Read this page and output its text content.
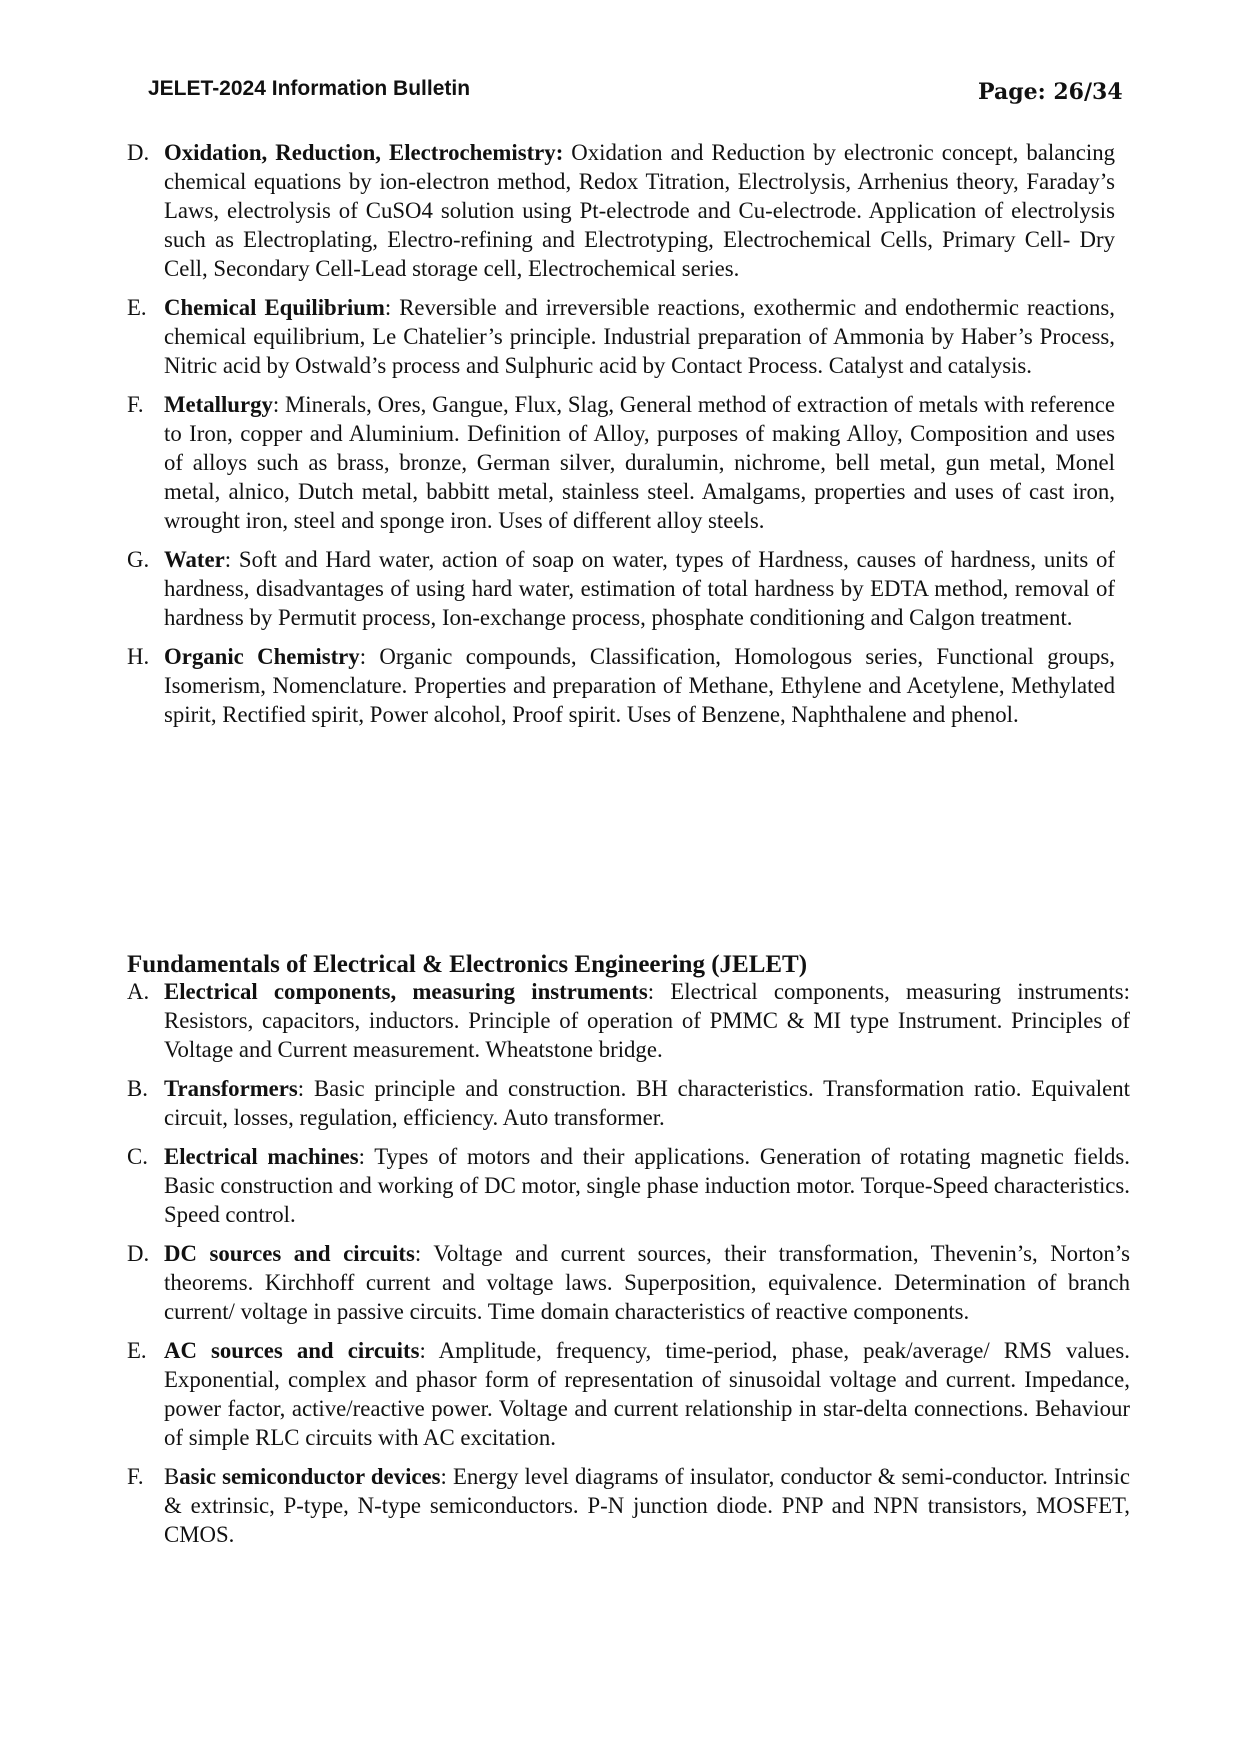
JELET-2024 Information Bulletin	Page: 26/34
D. Oxidation, Reduction, Electrochemistry: Oxidation and Reduction by electronic concept, balancing chemical equations by ion-electron method, Redox Titration, Electrolysis, Arrhenius theory, Faraday’s Laws, electrolysis of CuSO4 solution using Pt-electrode and Cu-electrode. Application of electrolysis such as Electroplating, Electro-refining and Electrotyping, Electrochemical Cells, Primary Cell- Dry Cell, Secondary Cell-Lead storage cell, Electrochemical series.
E. Chemical Equilibrium: Reversible and irreversible reactions, exothermic and endothermic reactions, chemical equilibrium, Le Chatelier’s principle. Industrial preparation of Ammonia by Haber’s Process, Nitric acid by Ostwald’s process and Sulphuric acid by Contact Process. Catalyst and catalysis.
F. Metallurgy: Minerals, Ores, Gangue, Flux, Slag, General method of extraction of metals with reference to Iron, copper and Aluminium. Definition of Alloy, purposes of making Alloy, Composition and uses of alloys such as brass, bronze, German silver, duralumin, nichrome, bell metal, gun metal, Monel metal, alnico, Dutch metal, babbitt metal, stainless steel. Amalgams, properties and uses of cast iron, wrought iron, steel and sponge iron. Uses of different alloy steels.
G. Water: Soft and Hard water, action of soap on water, types of Hardness, causes of hardness, units of hardness, disadvantages of using hard water, estimation of total hardness by EDTA method, removal of hardness by Permutit process, Ion-exchange process, phosphate conditioning and Calgon treatment.
H. Organic Chemistry: Organic compounds, Classification, Homologous series, Functional groups, Isomerism, Nomenclature. Properties and preparation of Methane, Ethylene and Acetylene, Methylated spirit, Rectified spirit, Power alcohol, Proof spirit. Uses of Benzene, Naphthalene and phenol.
Fundamentals of Electrical & Electronics Engineering (JELET)
A. Electrical components, measuring instruments: Electrical components, measuring instruments: Resistors, capacitors, inductors. Principle of operation of PMMC & MI type Instrument. Principles of Voltage and Current measurement. Wheatstone bridge.
B. Transformers: Basic principle and construction. BH characteristics. Transformation ratio. Equivalent circuit, losses, regulation, efficiency. Auto transformer.
C. Electrical machines: Types of motors and their applications. Generation of rotating magnetic fields. Basic construction and working of DC motor, single phase induction motor. Torque-Speed characteristics. Speed control.
D. DC sources and circuits: Voltage and current sources, their transformation, Thevenin’s, Norton’s theorems. Kirchhoff current and voltage laws. Superposition, equivalence. Determination of branch current/ voltage in passive circuits. Time domain characteristics of reactive components.
E. AC sources and circuits: Amplitude, frequency, time-period, phase, peak/average/ RMS values. Exponential, complex and phasor form of representation of sinusoidal voltage and current. Impedance, power factor, active/reactive power. Voltage and current relationship in star-delta connections. Behaviour of simple RLC circuits with AC excitation.
F. Basic semiconductor devices: Energy level diagrams of insulator, conductor & semi-conductor. Intrinsic & extrinsic, P-type, N-type semiconductors. P-N junction diode. PNP and NPN transistors, MOSFET, CMOS.
